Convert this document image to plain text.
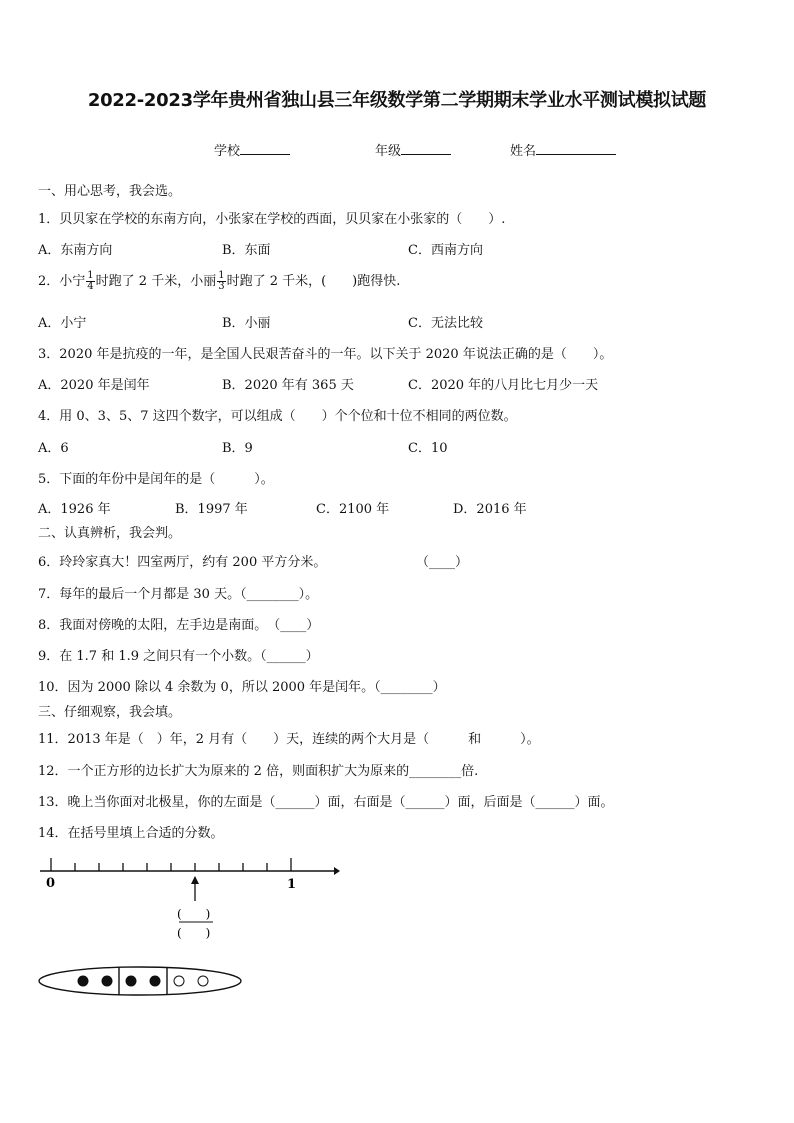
2022-2023学年贵州省独山县三年级数学第二学期期末学业水平测试模拟试题
学校	年级	姓名
一、用心思考，我会选。
1．贝贝家在学校的东南方向，小张家在学校的西面，贝贝家在小张家的（　　）.
A．东南方向	B．东面	C．西南方向
2．小宁 $\frac{1}{4}$ 时跑了 2 千米，小丽 $\frac{1}{3}$ 时跑了 2 千米，(　　)跑得快.
A．小宁	B．小丽	C．无法比较
3．2020 年是抗疫的一年，是全国人民艰苦奋斗的一年。以下关于 2020 年说法正确的是（　　）。
A．2020 年是闰年	B．2020 年有 365 天	C．2020 年的八月比七月少一天
4．用 0、3、5、7 这四个数字，可以组成（　　）个个位和十位不相同的两位数。
A．6	B．9	C．10
5．下面的年份中是闰年的是（　　　）。
A．1926 年	B．1997 年	C．2100 年	D．2016 年
二、认真辨析，我会判。
6．玲玲家真大！四室两厅，约有 200 平方分米。	（____）
7．每年的最后一个月都是 30 天。（________）。
8．我面对傍晚的太阳，左手边是南面。　（____）
9．在 1.7 和 1.9 之间只有一个小数。（______）
10．因为 2000 除以 4 余数为 0，所以 2000 年是闰年。（________）
三、仔细观察，我会填。
11．2013 年是（　）年，2 月有（　　）天，连续的两个大月是（　　　和　　　）。
12．一个正方形的边长扩大为原来的 2 倍，则面积扩大为原来的________倍.
13．晚上当你面对北极星，你的左面是（______）面，右面是（______）面，后面是（______）面。
14．在括号里填上合适的分数。
0	1
(　　)
(　　)
